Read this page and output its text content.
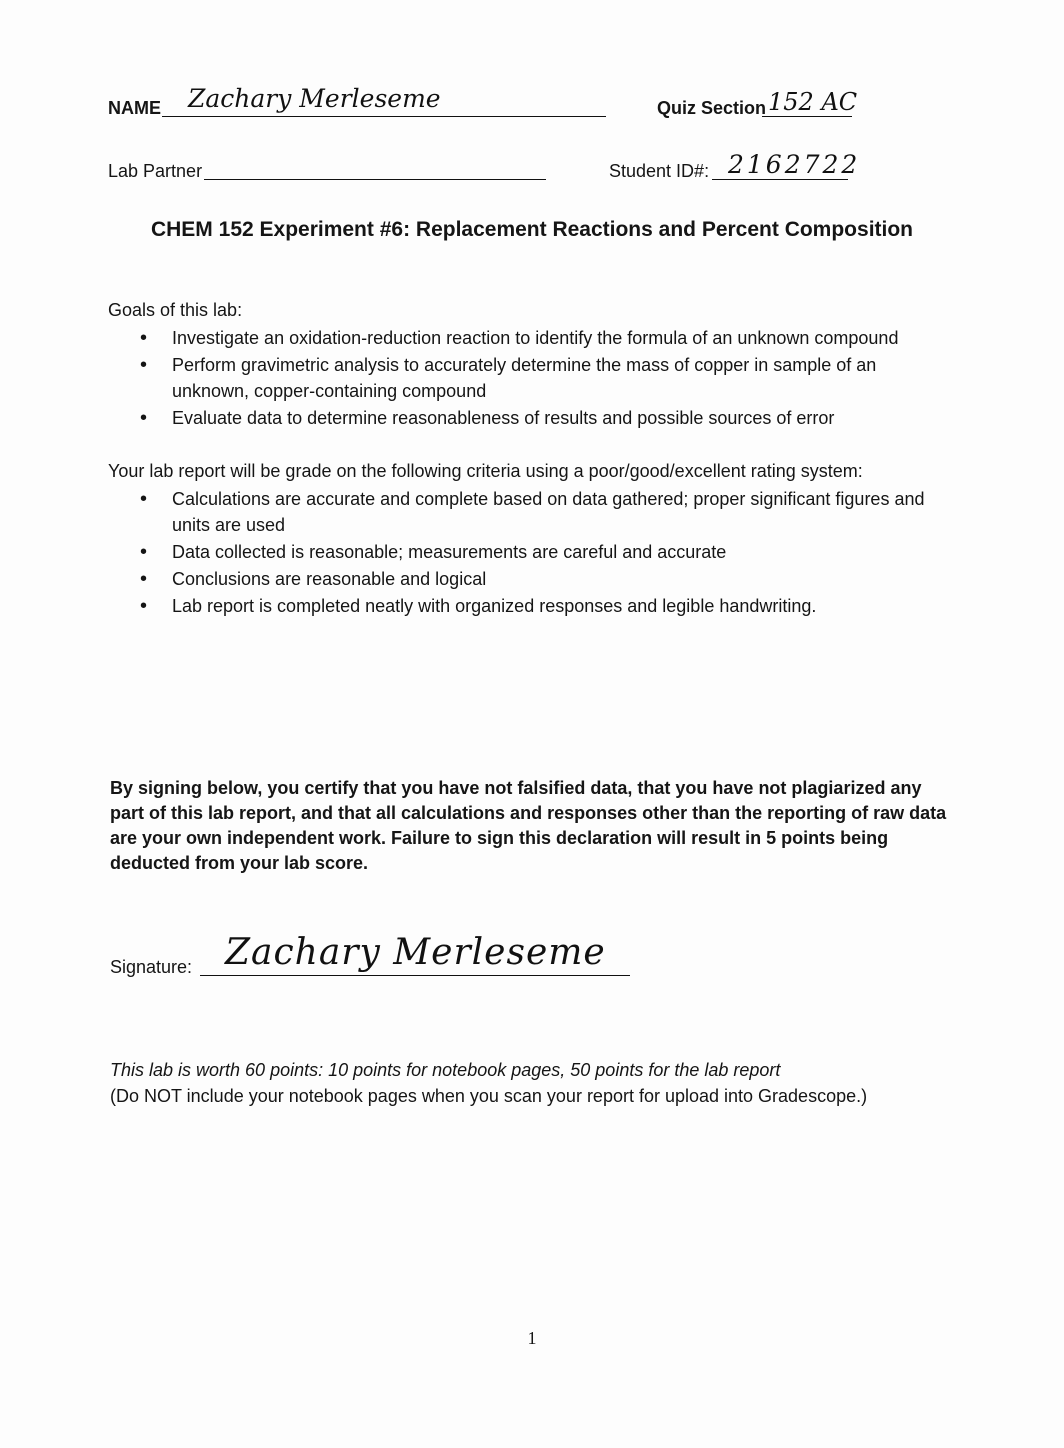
NAME Zachary Merleseme	Quiz Section 152 AC
Lab Partner	Student ID#: 2162722
CHEM 152 Experiment #6: Replacement Reactions and Percent Composition
Goals of this lab:
• Investigate an oxidation-reduction reaction to identify the formula of an unknown compound
• Perform gravimetric analysis to accurately determine the mass of copper in sample of an unknown, copper-containing compound
• Evaluate data to determine reasonableness of results and possible sources of error
Your lab report will be grade on the following criteria using a poor/good/excellent rating system:
• Calculations are accurate and complete based on data gathered; proper significant figures and units are used
• Data collected is reasonable; measurements are careful and accurate
• Conclusions are reasonable and logical
• Lab report is completed neatly with organized responses and legible handwriting.

By signing below, you certify that you have not falsified data, that you have not plagiarized any part of this lab report, and that all calculations and responses other than the reporting of raw data are your own independent work. Failure to sign this declaration will result in 5 points being deducted from your lab score.

Signature: Zachary Merleseme
This lab is worth 60 points: 10 points for notebook pages, 50 points for the lab report
(Do NOT include your notebook pages when you scan your report for upload into Gradescope.)
1
